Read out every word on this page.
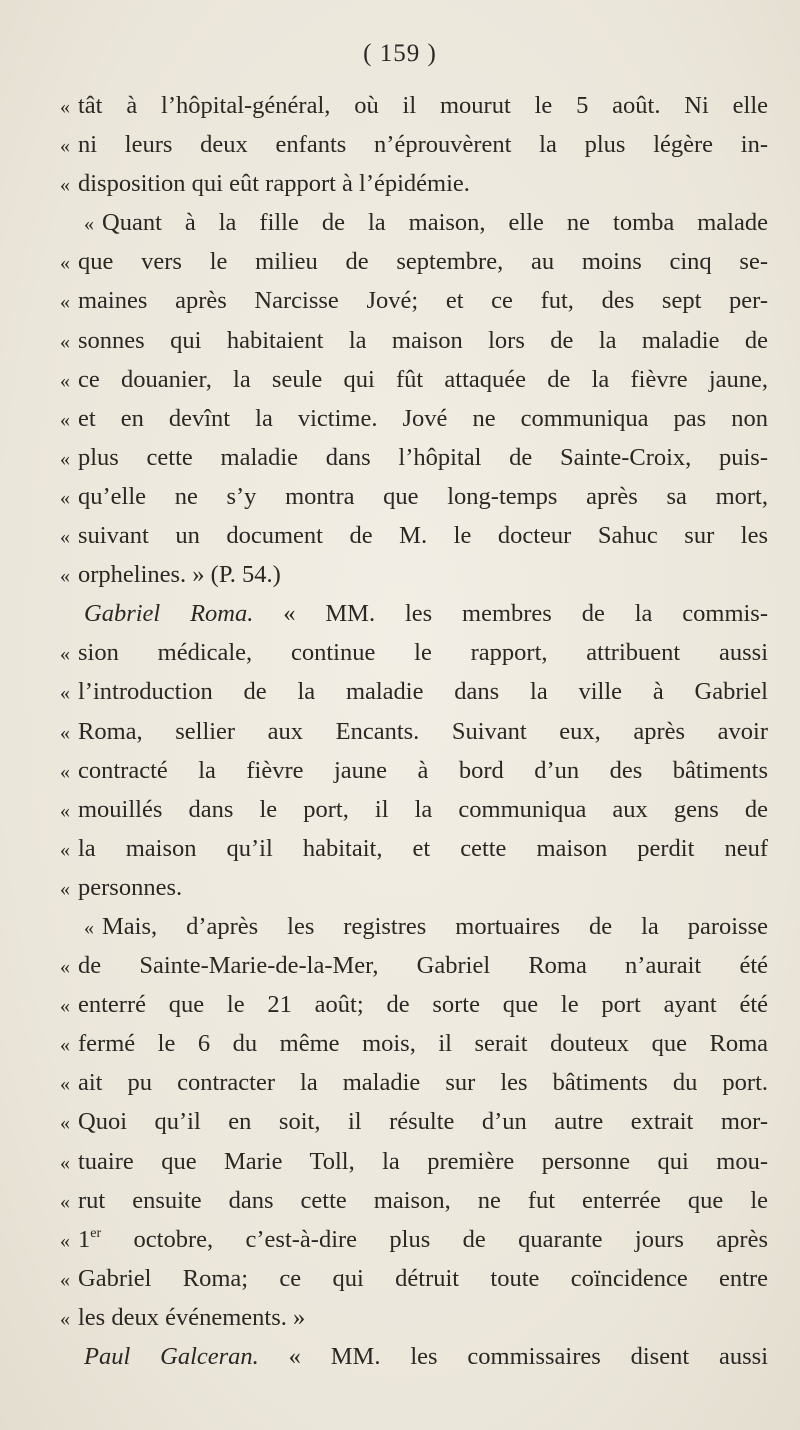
( 159 )
« tât à l’hôpital-général, où il mourut le 5 août. Ni elle
« ni leurs deux enfants n’éprouvèrent la plus légère in-
« disposition qui eût rapport à l’épidémie.
« Quant à la fille de la maison, elle ne tomba malade
« que vers le milieu de septembre, au moins cinq se-
« maines après Narcisse Jové; et ce fut, des sept per-
« sonnes qui habitaient la maison lors de la maladie de
« ce douanier, la seule qui fût attaquée de la fièvre jaune,
« et en devînt la victime. Jové ne communiqua pas non
« plus cette maladie dans l’hôpital de Sainte-Croix, puis-
« qu’elle ne s’y montra que long-temps après sa mort,
« suivant un document de M. le docteur Sahuc sur les
« orphelines. » (P. 54.)
Gabriel Roma. « MM. les membres de la commis-
« sion médicale, continue le rapport, attribuent aussi
« l’introduction de la maladie dans la ville à Gabriel
« Roma, sellier aux Encants. Suivant eux, après avoir
« contracté la fièvre jaune à bord d’un des bâtiments
« mouillés dans le port, il la communiqua aux gens de
« la maison qu’il habitait, et cette maison perdit neuf
« personnes.
« Mais, d’après les registres mortuaires de la paroisse
« de Sainte-Marie-de-la-Mer, Gabriel Roma n’aurait été
« enterré que le 21 août; de sorte que le port ayant été
« fermé le 6 du même mois, il serait douteux que Roma
« ait pu contracter la maladie sur les bâtiments du port.
« Quoi qu’il en soit, il résulte d’un autre extrait mor-
« tuaire que Marie Toll, la première personne qui mou-
« rut ensuite dans cette maison, ne fut enterrée que le
« 1er octobre, c’est-à-dire plus de quarante jours après
« Gabriel Roma; ce qui détruit toute coïncidence entre
« les deux événements. »
Paul Galceran. « MM. les commissaires disent aussi
